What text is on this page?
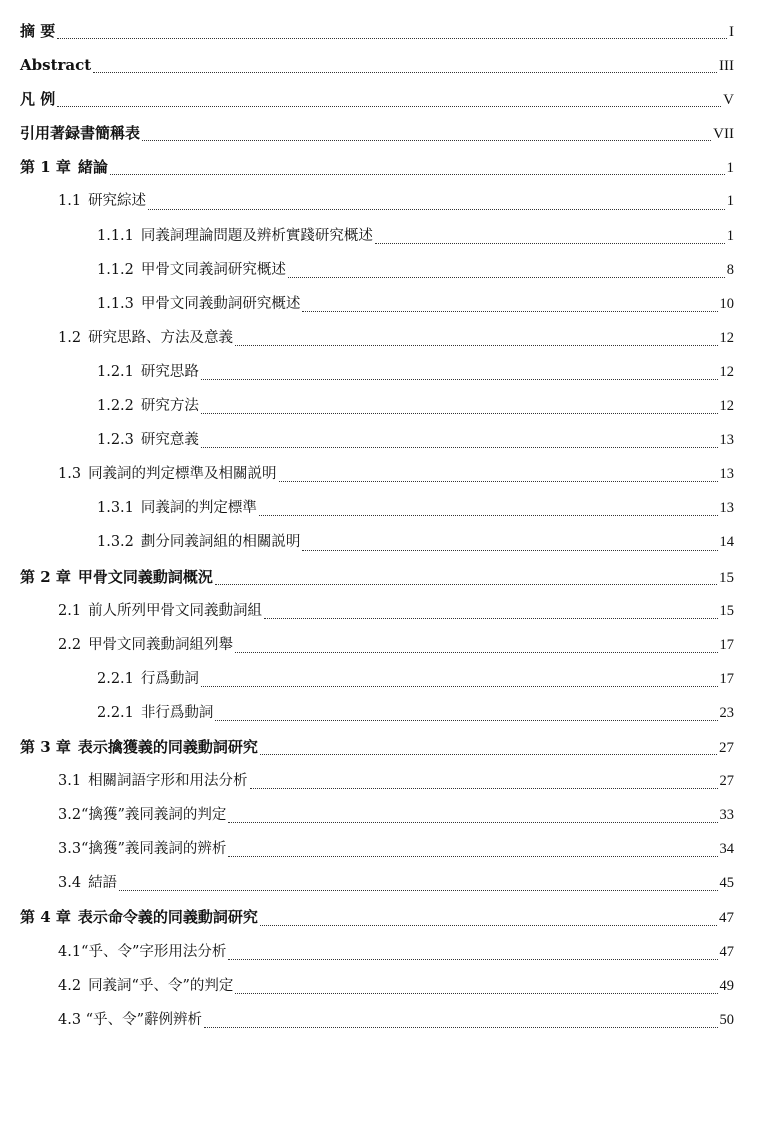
摘 要	I
Abstract	III
凡 例	V
引用著録書簡稱表	VII
第 1 章 緒論	1
1.1 研究綜述	1
1.1.1 同義詞理論問題及辨析實踐研究概述	1
1.1.2 甲骨文同義詞研究概述	8
1.1.3 甲骨文同義動詞研究概述	10
1.2 研究思路、方法及意義	12
1.2.1 研究思路	12
1.2.2 研究方法	12
1.2.3 研究意義	13
1.3 同義詞的判定標準及相關説明	13
1.3.1 同義詞的判定標準	13
1.3.2 劃分同義詞組的相關説明	14
第 2 章 甲骨文同義動詞概況	15
2.1 前人所列甲骨文同義動詞組	15
2.2 甲骨文同義動詞組列舉	17
2.2.1 行爲動詞	17
2.2.1 非行爲動詞	23
第 3 章 表示擒獲義的同義動詞研究	27
3.1 相關詞語字形和用法分析	27
3.2“擒獲”義同義詞的判定	33
3.3“擒獲”義同義詞的辨析	34
3.4 結語	45
第 4 章 表示命令義的同義動詞研究	47
4.1“乎、令”字形用法分析	47
4.2 同義詞“乎、令”的判定	49
4.3 “乎、令”辭例辨析	50
